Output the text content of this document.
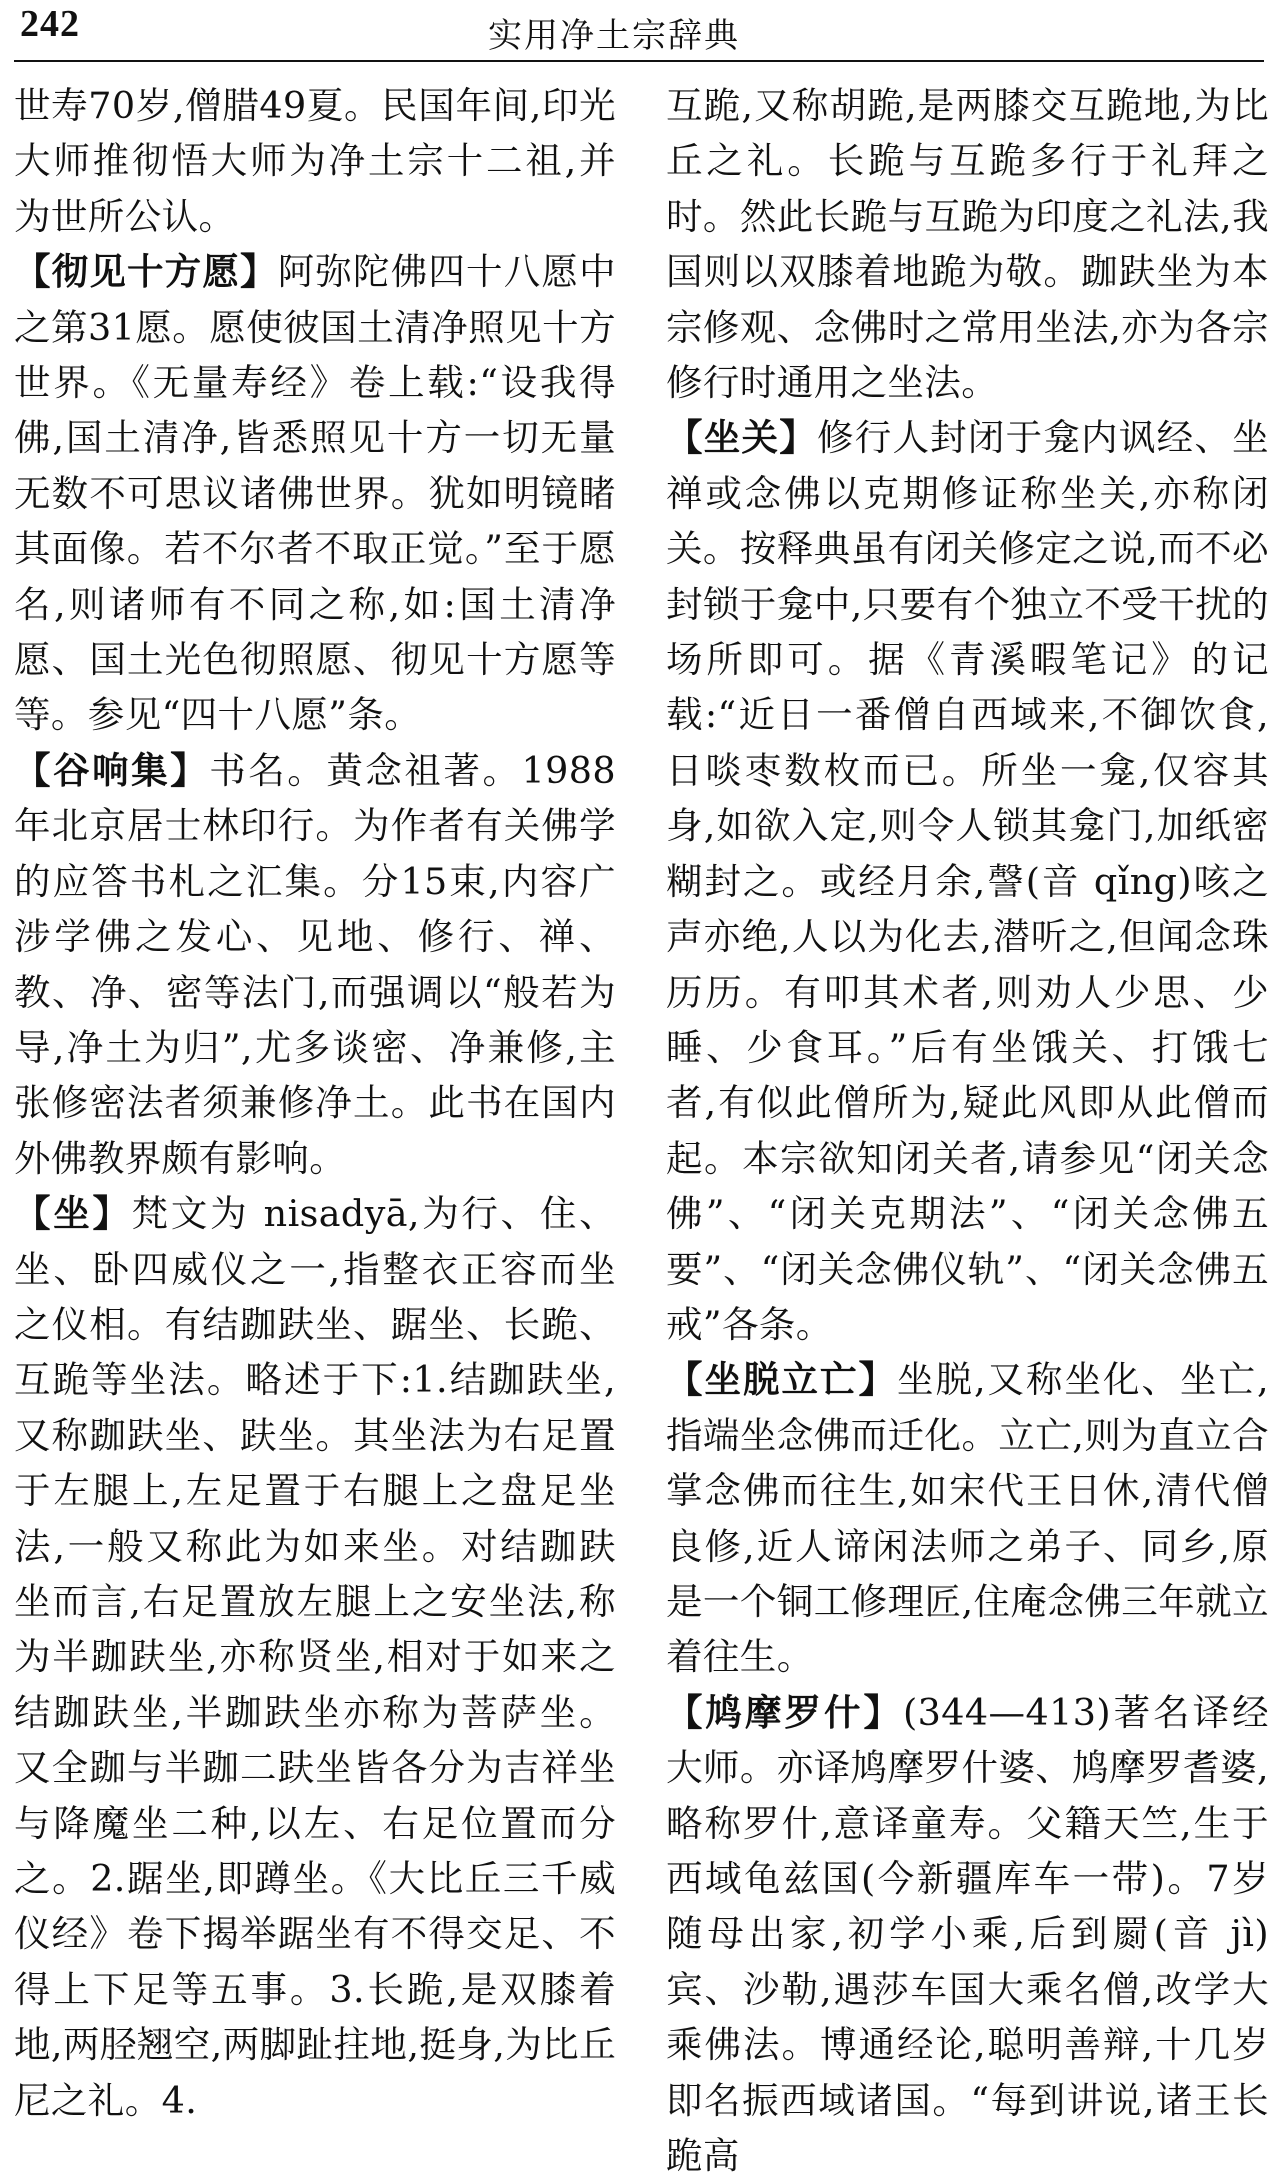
242	实用净土宗辞典

世寿70岁,僧腊49夏。民国年间,印光大师推彻悟大师为净土宗十二祖,并为世所公认。

【彻见十方愿】阿弥陀佛四十八愿中之第31愿。愿使彼国土清净照见十方世界。《无量寿经》卷上载:“设我得佛,国土清净,皆悉照见十方一切无量无数不可思议诸佛世界。犹如明镜睹其面像。若不尔者不取正觉。”至于愿名,则诸师有不同之称,如:国土清净愿、国土光色彻照愿、彻见十方愿等等。参见“四十八愿”条。

【谷响集】书名。黄念祖著。1988年北京居士林印行。为作者有关佛学的应答书札之汇集。分15束,内容广涉学佛之发心、见地、修行、禅、教、净、密等法门,而强调以“般若为导,净土为归”,尤多谈密、净兼修,主张修密法者须兼修净土。此书在国内外佛教界颇有影响。

【坐】梵文为 nisadyā,为行、住、坐、卧四威仪之一,指整衣正容而坐之仪相。有结跏趺坐、踞坐、长跪、互跪等坐法。略述于下:1.结跏趺坐,又称跏趺坐、趺坐。其坐法为右足置于左腿上,左足置于右腿上之盘足坐法,一般又称此为如来坐。对结跏趺坐而言,右足置放左腿上之安坐法,称为半跏趺坐,亦称贤坐,相对于如来之结跏趺坐,半跏趺坐亦称为菩萨坐。又全跏与半跏二趺坐皆各分为吉祥坐与降魔坐二种,以左、右足位置而分之。2.踞坐,即蹲坐。《大比丘三千威仪经》卷下揭举踞坐有不得交足、不得上下足等五事。3.长跪,是双膝着地,两胫翘空,两脚趾拄地,挺身,为比丘尼之礼。4.

互跪,又称胡跪,是两膝交互跪地,为比丘之礼。长跪与互跪多行于礼拜之时。然此长跪与互跪为印度之礼法,我国则以双膝着地跪为敬。跏趺坐为本宗修观、念佛时之常用坐法,亦为各宗修行时通用之坐法。

【坐关】修行人封闭于龛内讽经、坐禅或念佛以克期修证称坐关,亦称闭关。按释典虽有闭关修定之说,而不必封锁于龛中,只要有个独立不受干扰的场所即可。据《青溪暇笔记》的记载:“近日一番僧自西域来,不御饮食,日啖枣数枚而已。所坐一龛,仅容其身,如欲入定,则令人锁其龛门,加纸密糊封之。或经月余,謦(音 qǐng)咳之声亦绝,人以为化去,潜听之,但闻念珠历历。有叩其术者,则劝人少思、少睡、少食耳。”后有坐饿关、打饿七者,有似此僧所为,疑此风即从此僧而起。本宗欲知闭关者,请参见“闭关念佛”、“闭关克期法”、“闭关念佛五要”、“闭关念佛仪轨”、“闭关念佛五戒”各条。

【坐脱立亡】坐脱,又称坐化、坐亡,指端坐念佛而迁化。立亡,则为直立合掌念佛而往生,如宋代王日休,清代僧良修,近人谛闲法师之弟子、同乡,原是一个铜工修理匠,住庵念佛三年就立着往生。

【鸠摩罗什】(344—413)著名译经大师。亦译鸠摩罗什婆、鸠摩罗耆婆,略称罗什,意译童寿。父籍天竺,生于西域龟兹国(今新疆库车一带)。7岁随母出家,初学小乘,后到罽(音 jì)宾、沙勒,遇莎车国大乘名僧,改学大乘佛法。博通经论,聪明善辩,十几岁即名振西域诸国。“每到讲说,诸王长跪高
